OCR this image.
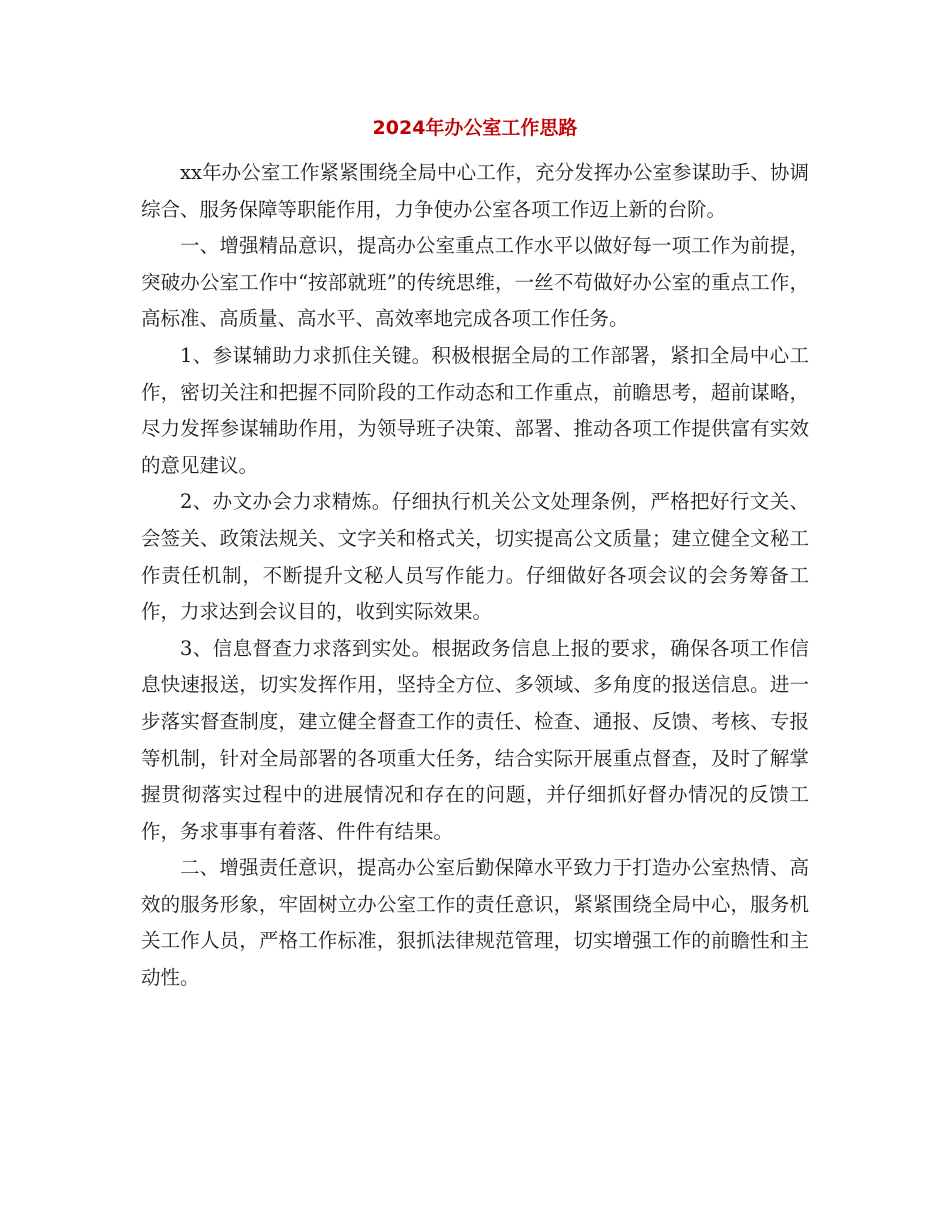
2024年办公室工作思路

xx年办公室工作紧紧围绕全局中心工作，充分发挥办公室参谋助手、协调综合、服务保障等职能作用，力争使办公室各项工作迈上新的台阶。

一、增强精品意识，提高办公室重点工作水平以做好每一项工作为前提，突破办公室工作中“按部就班”的传统思维，一丝不苟做好办公室的重点工作，高标准、高质量、高水平、高效率地完成各项工作任务。

1、参谋辅助力求抓住关键。积极根据全局的工作部署，紧扣全局中心工作，密切关注和把握不同阶段的工作动态和工作重点，前瞻思考，超前谋略，尽力发挥参谋辅助作用，为领导班子决策、部署、推动各项工作提供富有实效的意见建议。

2、办文办会力求精炼。仔细执行机关公文处理条例，严格把好行文关、会签关、政策法规关、文字关和格式关，切实提高公文质量；建立健全文秘工作责任机制，不断提升文秘人员写作能力。仔细做好各项会议的会务筹备工作，力求达到会议目的，收到实际效果。

3、信息督查力求落到实处。根据政务信息上报的要求，确保各项工作信息快速报送，切实发挥作用，坚持全方位、多领域、多角度的报送信息。进一步落实督查制度，建立健全督查工作的责任、检查、通报、反馈、考核、专报等机制，针对全局部署的各项重大任务，结合实际开展重点督查，及时了解掌握贯彻落实过程中的进展情况和存在的问题，并仔细抓好督办情况的反馈工作，务求事事有着落、件件有结果。

二、增强责任意识，提高办公室后勤保障水平致力于打造办公室热情、高效的服务形象，牢固树立办公室工作的责任意识，紧紧围绕全局中心，服务机关工作人员，严格工作标准，狠抓法律规范管理，切实增强工作的前瞻性和主动性。
